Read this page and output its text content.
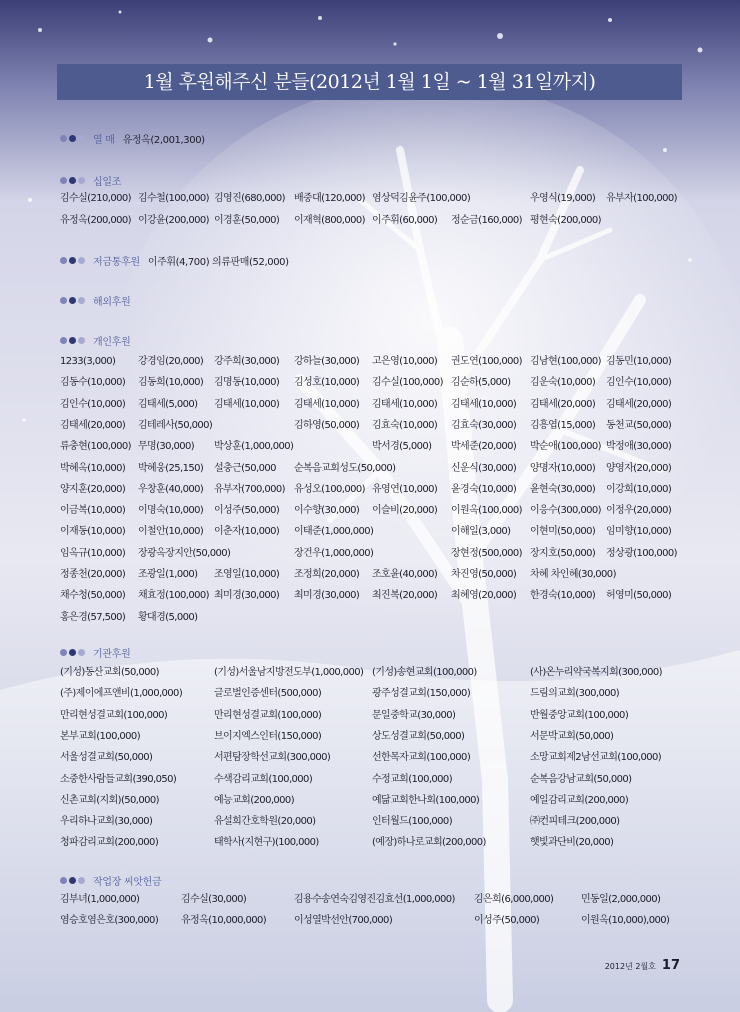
1월 후원해주신 분들(2012년 1월 1일 ~ 1월 31일까지)
열 매 유정옥(2,001,300)
십일조
김수실(210,000) 김수철(100,000) 김영진(680,000) 배중대(120,000) 염상덕김윤주(100,000)	우영식(19,000) 유부자(100,000)
유정옥(200,000) 이강윤(200,000) 이경훈(50,000) 이재혁(800,000) 이주휘(60,000) 정순금(160,000) 평현숙(200,000)
저금통후원 이주휘(4,700) 의류판매(52,000)
해외후원
개인후원
1233(3,000) 강경임(20,000) 강주희(30,000) 강하늘(30,000) 고은영(10,000) 권도연(100,000) 김남현(100,000) 김동민(10,000)
김동수(10,000) 김동희(10,000) 김명동(10,000) 김성호(10,000) 김수실(100,000) 김순하(5,000) 김운숙(10,000) 김인수(10,000)
김인수(10,000) 김태세(5,000) 김태세(10,000) 김태세(10,000) 김태세(10,000) 김태세(10,000) 김태세(20,000) 김태세(20,000)
김태세(20,000) 김테레사(50,000)	김하영(50,000) 김효숙(10,000) 김효숙(30,000) 김흥엽(15,000) 동천교(50,000)
류충현(100,000) 무명(30,000) 박상훈(1,000,000)	박서경(5,000) 박세준(20,000) 박순애(100,000) 박정애(30,000)
박혜옥(10,000) 박혜웅(25,150) 설충근(50,000 순복음교회성도(50,000)	신운식(30,000) 양명자(10,000) 양영자(20,000)
양지훈(20,000) 우창훈(40,000) 유부자(700,000) 유성오(100,000) 유영연(10,000) 윤경숙(10,000) 윤현숙(30,000) 이강희(10,000)
이금복(10,000) 이명숙(10,000) 이성주(50,000) 이수향(30,000) 이슬비(20,000) 이원옥(100,000) 이응수(300,000) 이정우(20,000)
이재동(10,000) 이철안(10,000) 이춘자(10,000) 이태준(1,000,000)	이해일(3,000) 이현미(50,000) 임미향(10,000)
임옥규(10,000) 장광옥장지안(50,000)	장건우(1,000,000)	장현정(500,000) 장지호(50,000) 정상광(100,000)
정종천(20,000) 조광일(1,000) 조영일(10,000) 조정희(20,000) 조호윤(40,000) 차진영(50,000) 차혜 차인혜(30,000)
채수청(50,000) 채효정(100,000) 최미경(30,000) 최미경(30,000) 최진복(20,000) 최혜영(20,000) 한경숙(10,000) 허영미(50,000)
홍은경(57,500) 황대경(5,000)
기관후원
(기성)동산교회(50,000)	(기성)서울남지방전도부(1,000,000) (기성)송현교회(100,000)	(사)온누리약국복지회(300,000)
(주)제이에프앤비(1,000,000)	글로벌인증센터(500,000)	광주성결교회(150,000)	드림의교회(300,000)
만리현성결교회(100,000)	만리현성결교회(100,000)	문일중학교(30,000)	반월중앙교회(100,000)
본부교회(100,000)	브이지엑스인터(150,000)	상도성결교회(50,000)	서문박교회(50,000)
서울성결교회(50,000)	서편탐장학선교회(300,000)	선한목자교회(100,000)	소망교회제2남선교회(100,000)
소중한사람들교회(390,050)	수색감리교회(100,000)	수정교회(100,000)	순복음강남교회(50,000)
신촌교회(지회)(50,000)	예능교회(200,000)	예닮교회한나회(100,000)	예일감리교회(200,000)
우리하나교회(30,000)	유설희간호학원(20,000)	인터월드(100,000)	㈜컨피테크(200,000)
청파감리교회(200,000)	태학사(지현구)(100,000)	(예장)하나로교회(200,000)	햇빛과단비(20,000)
작업장 씨앗헌금
김부녀(1,000,000)	김수실(30,000)	김용수송연숙김영진김효선(1,000,000) 김은희(6,000,000)	민동일(2,000,000)
염승호염은호(300,000) 유정옥(10,000,000)	이성열박선안(700,000)	이성주(50,000)	이원옥(10,000),000)
2012년 2월호 17
